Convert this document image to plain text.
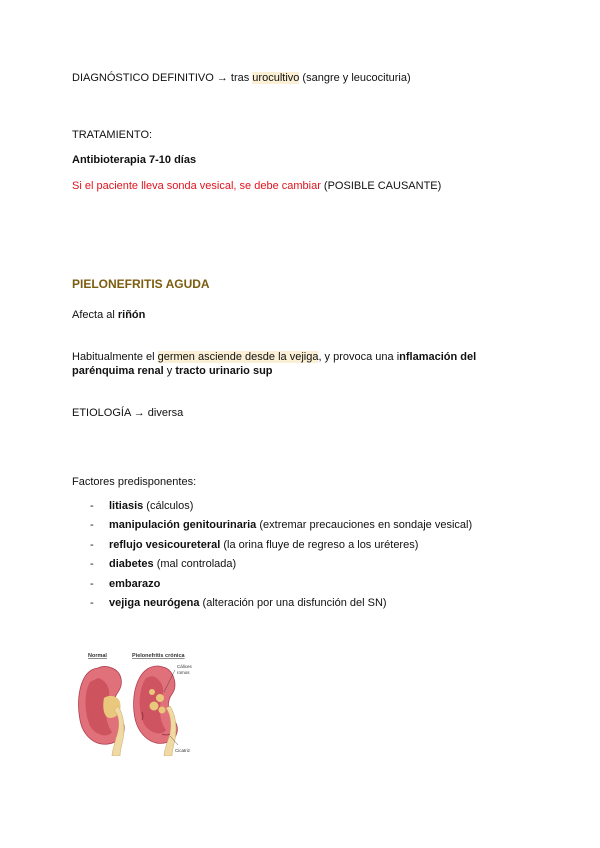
DIAGNÓSTICO DEFINITIVO → tras urocultivo (sangre y leucocituria)
TRATAMIENTO:
Antibioterapia 7-10 días
Si el paciente lleva sonda vesical, se debe cambiar (POSIBLE CAUSANTE)
PIELONEFRITIS AGUDA
Afecta al riñón
Habitualmente el germen asciende desde la vejiga, y provoca una inflamación del parénquima renal y tracto urinario sup
ETIOLOGÍA → diversa
Factores predisponentes:
- litiasis (cálculos)
- manipulación genitourinaria (extremar precauciones en sondaje vesical)
- reflujo vesicoureteral (la orina fluye de regreso a los uréteres)
- diabetes (mal controlada)
- embarazo
- vejiga neurógena (alteración por una disfunción del SN)
Normal	Pielonefritis crónica
Cálices
romos
Cicatriz
